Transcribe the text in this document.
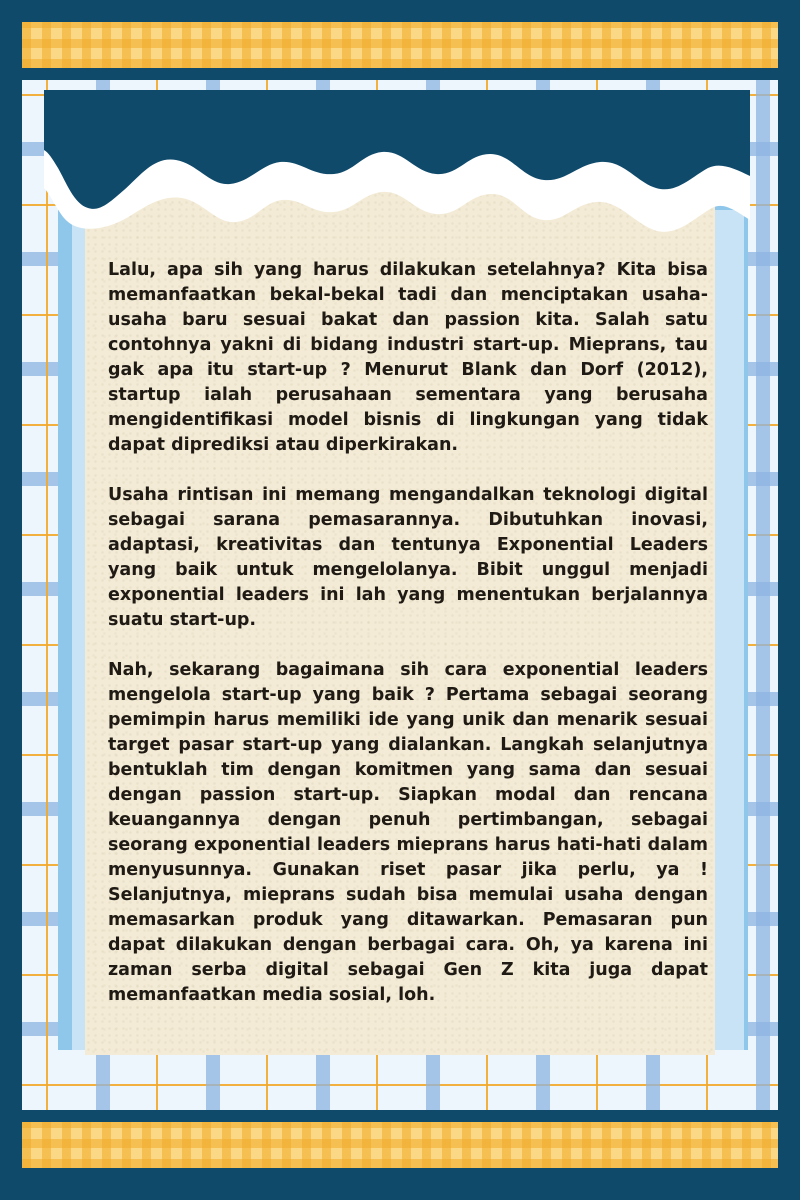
Lalu, apa sih yang harus dilakukan setelahnya? Kita bisa memanfaatkan bekal-bekal tadi dan menciptakan usaha-usaha baru sesuai bakat dan passion kita. Salah satu contohnya yakni di bidang industri start-up. Mieprans, tau gak apa itu start-up ? Menurut Blank dan Dorf (2012), startup ialah perusahaan sementara yang berusaha mengidentifikasi model bisnis di lingkungan yang tidak dapat diprediksi atau diperkirakan.

Usaha rintisan ini memang mengandalkan teknologi digital sebagai sarana pemasarannya. Dibutuhkan inovasi, adaptasi, kreativitas dan tentunya Exponential Leaders yang baik untuk mengelolanya. Bibit unggul menjadi exponential leaders ini lah yang menentukan berjalannya suatu start-up.

Nah, sekarang bagaimana sih cara exponential leaders mengelola start-up yang baik ? Pertama sebagai seorang pemimpin harus memiliki ide yang unik dan menarik sesuai target pasar start-up yang dialankan. Langkah selanjutnya bentuklah tim dengan komitmen yang sama dan sesuai dengan passion start-up. Siapkan modal dan rencana keuangannya dengan penuh pertimbangan, sebagai seorang exponential leaders mieprans harus hati-hati dalam menyusunnya. Gunakan riset pasar jika perlu, ya ! Selanjutnya, mieprans sudah bisa memulai usaha dengan memasarkan produk yang ditawarkan. Pemasaran pun dapat dilakukan dengan berbagai cara. Oh, ya karena ini zaman serba digital sebagai Gen Z kita juga dapat memanfaatkan media sosial, loh.
